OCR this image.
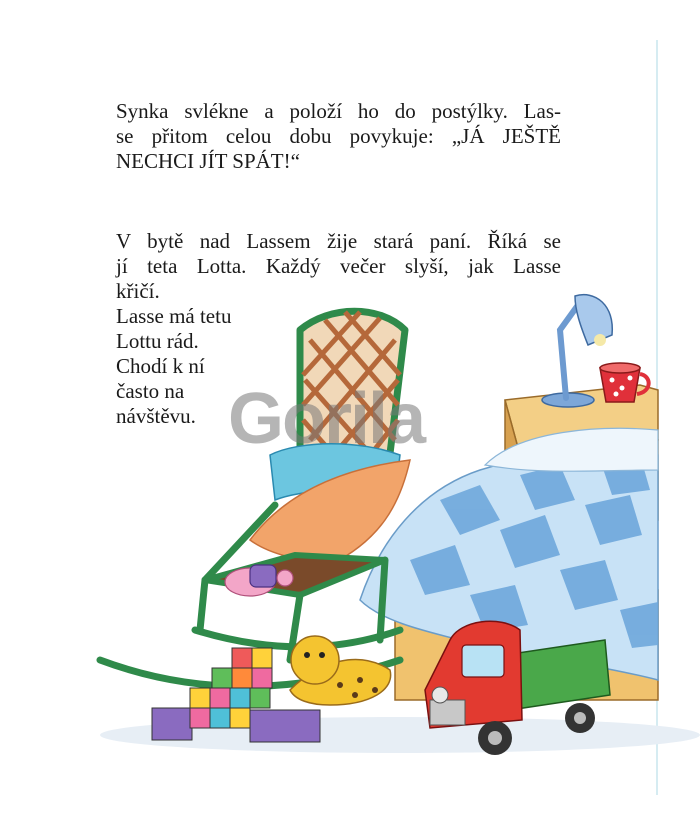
Synka svlékne a položí ho do postýlky. Las-
se přitom celou dobu povykuje: „JÁ JEŠTĚ
NECHCI JÍT SPÁT!“
V bytě nad Lassem žije stará paní. Říká se
jí teta Lotta. Každý večer slyší, jak Lasse
křičí.
Lasse má tetu
Lottu rád.
Chodí k ní
často na
návštěvu. Gorila
